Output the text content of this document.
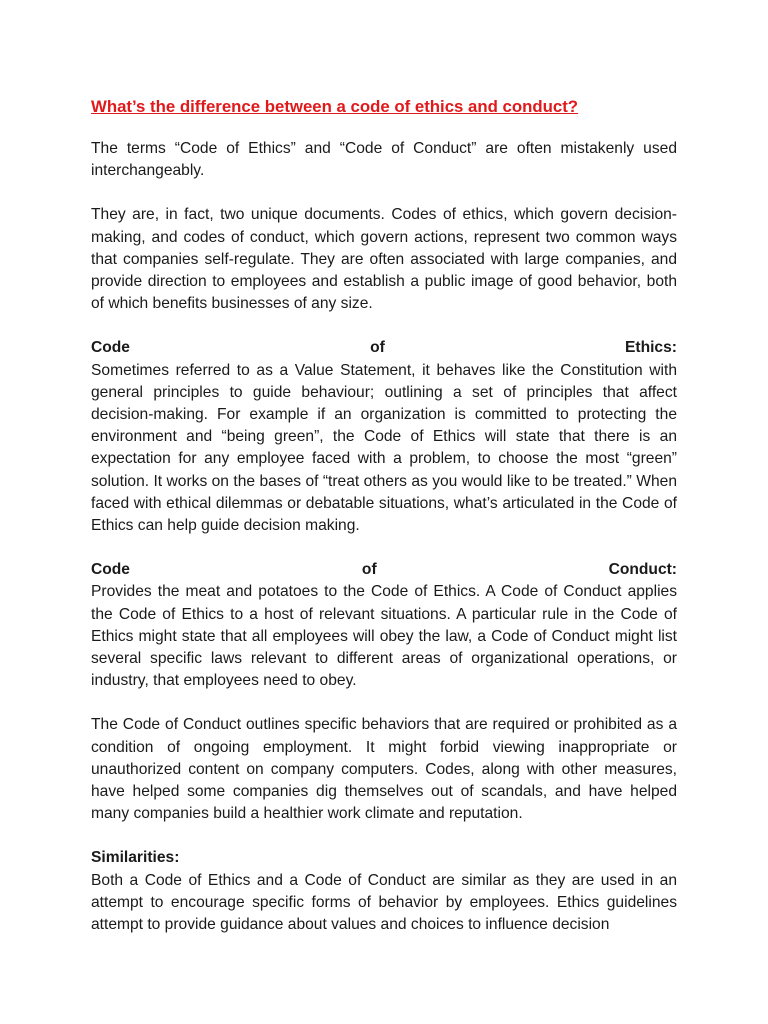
What’s the difference between a code of ethics and conduct?

The terms “Code of Ethics” and “Code of Conduct” are often mistakenly used interchangeably.

They are, in fact, two unique documents. Codes of ethics, which govern decision-making, and codes of conduct, which govern actions, represent two common ways that companies self-regulate. They are often associated with large companies, and provide direction to employees and establish a public image of good behavior, both of which benefits businesses of any size.

Code	of	Ethics:

Sometimes referred to as a Value Statement, it behaves like the Constitution with general principles to guide behaviour; outlining a set of principles that affect decision-making. For example if an organization is committed to protecting the environment and “being green”, the Code of Ethics will state that there is an expectation for any employee faced with a problem, to choose the most “green” solution. It works on the bases of “treat others as you would like to be treated.” When faced with ethical dilemmas or debatable situations, what’s articulated in the Code of Ethics can help guide decision making.

Code	of	Conduct:

Provides the meat and potatoes to the Code of Ethics. A Code of Conduct applies the Code of Ethics to a host of relevant situations. A particular rule in the Code of Ethics might state that all employees will obey the law, a Code of Conduct might list several specific laws relevant to different areas of organizational operations, or industry, that employees need to obey.

The Code of Conduct outlines specific behaviors that are required or prohibited as a condition of ongoing employment. It might forbid viewing inappropriate or unauthorized content on company computers. Codes, along with other measures, have helped some companies dig themselves out of scandals, and have helped many companies build a healthier work climate and reputation.

Similarities:

Both a Code of Ethics and a Code of Conduct are similar as they are used in an attempt to encourage specific forms of behavior by employees. Ethics guidelines attempt to provide guidance about values and choices to influence decision
